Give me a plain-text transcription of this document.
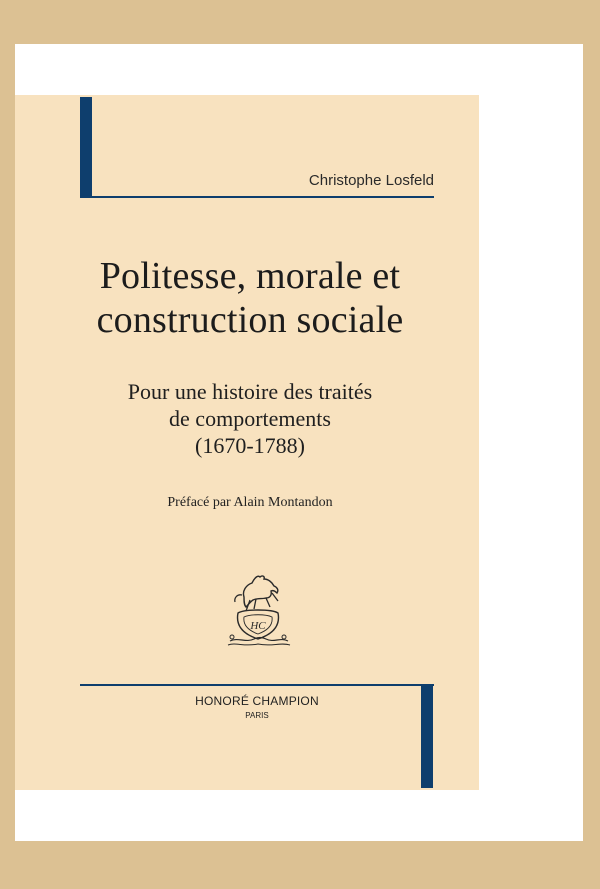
Christophe Losfeld
Politesse, morale et
construction sociale
Pour une histoire des traités
de comportements
(1670-1788)
Préfacé par Alain Montandon
HC
HONORÉ CHAMPION
PARIS
